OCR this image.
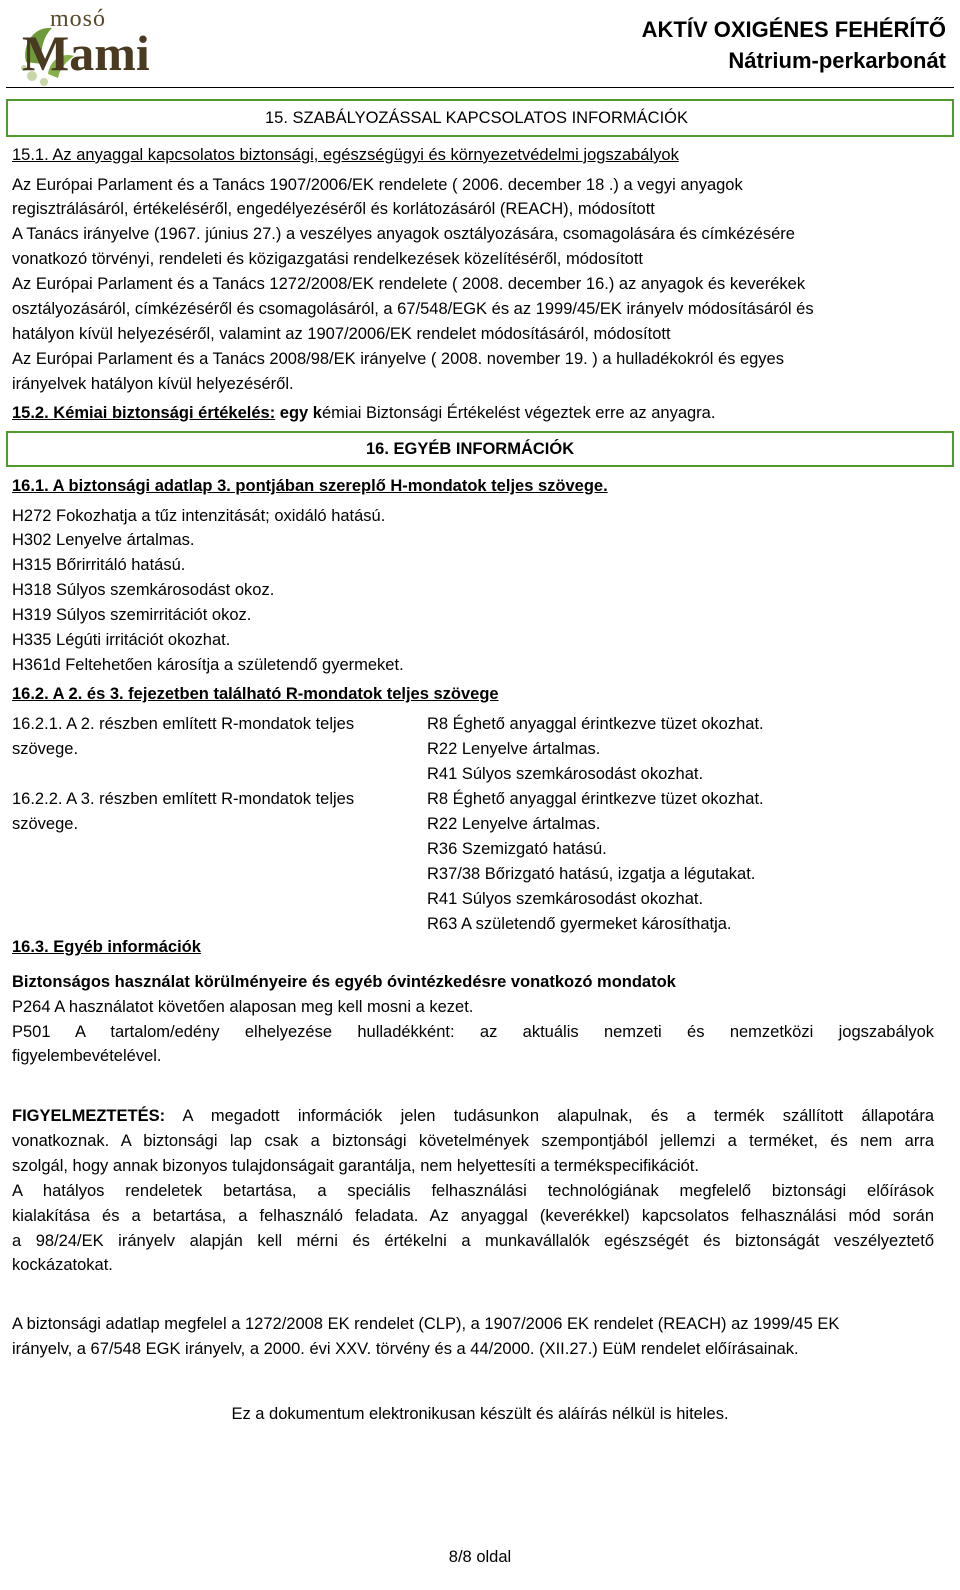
mosó
Mami	AKTÍV OXIGÉNES FEHÉRÍTŐ
Nátrium-perkarbonát
15. SZABÁLYOZÁSSAL KAPCSOLATOS INFORMÁCIÓK
15.1. Az anyaggal kapcsolatos biztonsági, egészségügyi és környezetvédelmi jogszabályok
Az Európai Parlament és a Tanács 1907/2006/EK rendelete ( 2006. december 18 .) a vegyi anyagok
regisztrálásáról, értékeléséről, engedélyezéséről és korlátozásáról (REACH), módosított
A Tanács irányelve (1967. június 27.) a veszélyes anyagok osztályozására, csomagolására és címkézésére
vonatkozó törvényi, rendeleti és közigazgatási rendelkezések közelítéséről, módosított
Az Európai Parlament és a Tanács 1272/2008/EK rendelete ( 2008. december 16.) az anyagok és keverékek
osztályozásáról, címkézéséről és csomagolásáról, a 67/548/EGK és az 1999/45/EK irányelv módosításáról és
hatályon kívül helyezéséről, valamint az 1907/2006/EK rendelet módosításáról, módosított
Az Európai Parlament és a Tanács 2008/98/EK irányelve ( 2008. november 19. ) a hulladékokról és egyes
irányelvek hatályon kívül helyezéséről.
15.2. Kémiai biztonsági értékelés: egy kémiai Biztonsági Értékelést végeztek erre az anyagra.
16. EGYÉB INFORMÁCIÓK
16.1. A biztonsági adatlap 3. pontjában szereplő H-mondatok teljes szövege.
H272 Fokozhatja a tűz intenzitását; oxidáló hatású.
H302 Lenyelve ártalmas.
H315 Bőrirritáló hatású.
H318 Súlyos szemkárosodást okoz.
H319 Súlyos szemirritációt okoz.
H335 Légúti irritációt okozhat.
H361d Feltehetően károsítja a születendő gyermeket.
16.2. A 2. és 3. fejezetben található R-mondatok teljes szövege
16.2.1. A 2. részben említett R-mondatok teljes
szövege.
16.2.2. A 3. részben említett R-mondatok teljes
szövege.
R8 Éghető anyaggal érintkezve tüzet okozhat.
R22 Lenyelve ártalmas.
R41 Súlyos szemkárosodást okozhat.
R8 Éghető anyaggal érintkezve tüzet okozhat.
R22 Lenyelve ártalmas.
R36 Szemizgató hatású.
R37/38 Bőrizgató hatású, izgatja a légutakat.
R41 Súlyos szemkárosodást okozhat.
R63 A születendő gyermeket károsíthatja.
16.3. Egyéb információk
Biztonságos használat körülményeire és egyéb óvintézkedésre vonatkozó mondatok
P264 A használatot követően alaposan meg kell mosni a kezet.
P501 A tartalom/edény elhelyezése hulladékként: az aktuális nemzeti és nemzetközi jogszabályok
figyelembevételével.
FIGYELMEZTETÉS: A megadott információk jelen tudásunkon alapulnak, és a termék szállított állapotára
vonatkoznak. A biztonsági lap csak a biztonsági követelmények szempontjából jellemzi a terméket, és nem arra
szolgál, hogy annak bizonyos tulajdonságait garantálja, nem helyettesíti a termékspecifikációt.
A hatályos rendeletek betartása, a speciális felhasználási technológiának megfelelő biztonsági előírások
kialakítása és a betartása, a felhasználó feladata. Az anyaggal (keverékkel) kapcsolatos felhasználási mód során
a 98/24/EK irányelv alapján kell mérni és értékelni a munkavállalók egészségét és biztonságát veszélyeztető
kockázatokat.
A biztonsági adatlap megfelel a 1272/2008 EK rendelet (CLP), a 1907/2006 EK rendelet (REACH) az 1999/45 EK
irányelv, a 67/548 EGK irányelv, a 2000. évi XXV. törvény és a 44/2000. (XII.27.) EüM rendelet előírásainak.
Ez a dokumentum elektronikusan készült és aláírás nélkül is hiteles.
8/8 oldal
